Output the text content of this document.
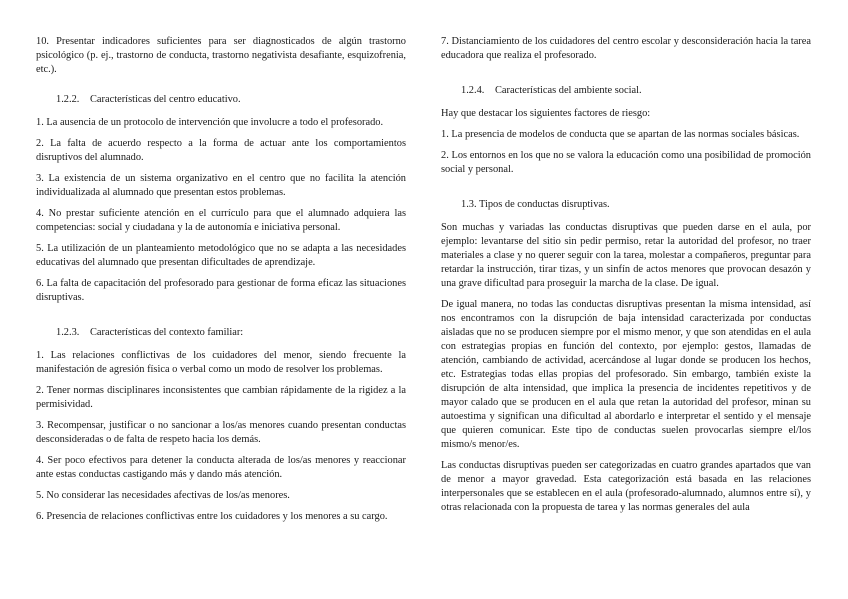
10. Presentar indicadores suficientes para ser diagnosticados de algún trastorno psicológico (p. ej., trastorno de conducta, trastorno negativista desafiante, esquizofrenia, etc.).

1.2.2. Características del centro educativo.

1. La ausencia de un protocolo de intervención que involucre a todo el profesorado.

2. La falta de acuerdo respecto a la forma de actuar ante los comportamientos disruptivos del alumnado.

3. La existencia de un sistema organizativo en el centro que no facilita la atención individualizada al alumnado que presentan estos problemas.

4. No prestar suficiente atención en el currículo para que el alumnado adquiera las competencias: social y ciudadana y la de autonomía e iniciativa personal.

5. La utilización de un planteamiento metodológico que no se adapta a las necesidades educativas del alumnado que presentan dificultades de aprendizaje.

6. La falta de capacitación del profesorado para gestionar de forma eficaz las situaciones disruptivas.

1.2.3. Características del contexto familiar:

1. Las relaciones conflictivas de los cuidadores del menor, siendo frecuente la manifestación de agresión física o verbal como un modo de resolver los problemas.

2. Tener normas disciplinares inconsistentes que cambian rápidamente de la rigidez a la permisividad.

3. Recompensar, justificar o no sancionar a los/as menores cuando presentan conductas desconsideradas o de falta de respeto hacia los demás.

4. Ser poco efectivos para detener la conducta alterada de los/as menores y reaccionar ante estas conductas castigando más y dando más atención.

5. No considerar las necesidades afectivas de los/as menores.

6. Presencia de relaciones conflictivas entre los cuidadores y los menores a su cargo.

7. Distanciamiento de los cuidadores del centro escolar y desconsideración hacia la tarea educadora que realiza el profesorado.

1.2.4. Características del ambiente social.

Hay que destacar los siguientes factores de riesgo:

1. La presencia de modelos de conducta que se apartan de las normas sociales básicas.

2. Los entornos en los que no se valora la educación como una posibilidad de promoción social y personal.

1.3. Tipos de conductas disruptivas.

Son muchas y variadas las conductas disruptivas que pueden darse en el aula, por ejemplo: levantarse del sitio sin pedir permiso, retar la autoridad del profesor, no traer materiales a clase y no querer seguir con la tarea, molestar a compañeros, preguntar para retardar la instrucción, tirar tizas, y un sinfín de actos menores que provocan desazón y una grave dificultad para proseguir la marcha de la clase. De igual.

De igual manera, no todas las conductas disruptivas presentan la misma intensidad, así nos encontramos con la disrupción de baja intensidad caracterizada por conductas aisladas que no se producen siempre por el mismo menor, y que son atendidas en el aula con estrategias propias en función del contexto, por ejemplo: gestos, llamadas de atención, cambiando de actividad, acercándose al lugar donde se producen los hechos, etc. Estrategias todas ellas propias del profesorado. Sin embargo, también existe la disrupción de alta intensidad, que implica la presencia de incidentes repetitivos y de mayor calado que se producen en el aula que retan la autoridad del profesor, minan su autoestima y significan una dificultad al abordarlo e interpretar el sentido y el mensaje que quieren comunicar. Este tipo de conductas suelen provocarlas siempre el/los mismo/s menor/es.

Las conductas disruptivas pueden ser categorizadas en cuatro grandes apartados que van de menor a mayor gravedad. Esta categorización está basada en las relaciones interpersonales que se establecen en el aula (profesorado-alumnado, alumnos entre sí), y otras relacionada con la propuesta de tarea y las normas generales del aula
